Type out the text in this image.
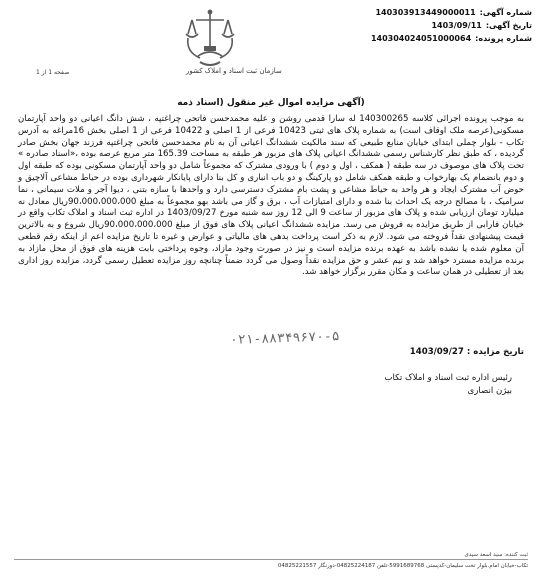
شماره آگهی:
140303913449000011
تاریخ آگهی:
1403/09/11
شماره پرونده:
140304024051000064
سازمان ثبت اسناد و املاک کشور
صفحه 1 از 1
(آگهی مزایده اموال غیر منقول (اسناد ذمه
به موجب پرونده اجرائی کلاسه 140300265 له سارا قدمی روشن و علیه محمدحسن فاتحی چراغتپه ، شش دانگ اعیانی دو واحد آپارتمان مسکونی(عرصه ملک اوقاف است) به شماره پلاک های ثبتی 10423 فرعی از 1 اصلی و 10422 فرعی از 1 اصلی بخش 16مراغه به آدرس تکاب - بلوار چملی ابتدای خیابان منابع طبیعی که سند مالکیت ششدانگ اعیانی آن به نام محمدحسن فاتحی چراغتپه فرزند جهان بخش صادر گردیده ، که طبق نظر کارشناس رسمی ششدانگ اعیانی پلاک های مزبور هر طبقه به مساحت 165.39 متر مربع عرصه بوده ،«اسناد صادره » تحت پلاک های موصوف در سه طبقه ( همکف ، اول و دوم ) با ورودی مشترک که مجموعاً شامل دو واحد آپارتمان مسکونی بوده که طبقه اول و دوم بانضمام یک بهارخواب و طبقه همکف شامل دو پارکینگ و دو باب انباری و کل بنا دارای پایانکار شهرداری بوده در حیاط مشاعی آلاچیق و حوض آب مشترک ایجاد و هر واحد به حیاط مشاعی و پشت بام مشترک دسترسی دارد و واحدها با سازه بتنی ، دیوا آجر و ملات سیمانی ، نما سرامیک ، با مصالح درجه یک احداث بنا شده و دارای امتیازات آب ، برق و گاز می باشد بهو مجموعاً به مبلغ 90،000،000،000ریال معادل نه میلیارد تومان ارزیابی شده و پلاک های مزبور از ساعت 9 الی 12 روز سه شنبه مورخ 1403/09/27 در اداره ثبت اسناد و املاک تکاب واقع در خیابان فارابی از طریق مزایده به فروش می رسد. مزایده ششدانگ اعیانی پلاک های فوق از مبلغ 90،000،000،000ریال شروع و به بالاترین قیمت پیشنهادی نقداً فروخته می شود. لازم به ذکر است پرداخت بدهی های مالیاتی و عوارض و غیره تا تاریخ مزایده اعم از اینکه رقم قطعی آن معلوم شده یا نشده باشد به عهده برنده مزایده است و نیز در صورت وجود مازاد، وجوه پرداختی بابت هزینه های فوق از محل مازاد به برنده مزایده مسترد خواهد شد و نیم عشر و حق مزایده نقداً وصول می گردد ضمناً چنانچه روز مزایده تعطیل رسمی گردد، مزایده روز اداری بعد از تعطیلی در همان ساعت و مکان مقرر برگزار خواهد شد.
۰۲۱-۸۸۳۴۹۶۷۰-۵
تاریخ مزایده : 1403/09/27
رئیس اداره ثبت اسناد و املاک تکاب
بیژن انصاری
ثبت کننده:

سید اسعد سیدی
تکاب-خیابان امام.بلوار تخت سلیمان-کدپستی 5991689768-تلفن 04825224187-دورنگار 04825221557
